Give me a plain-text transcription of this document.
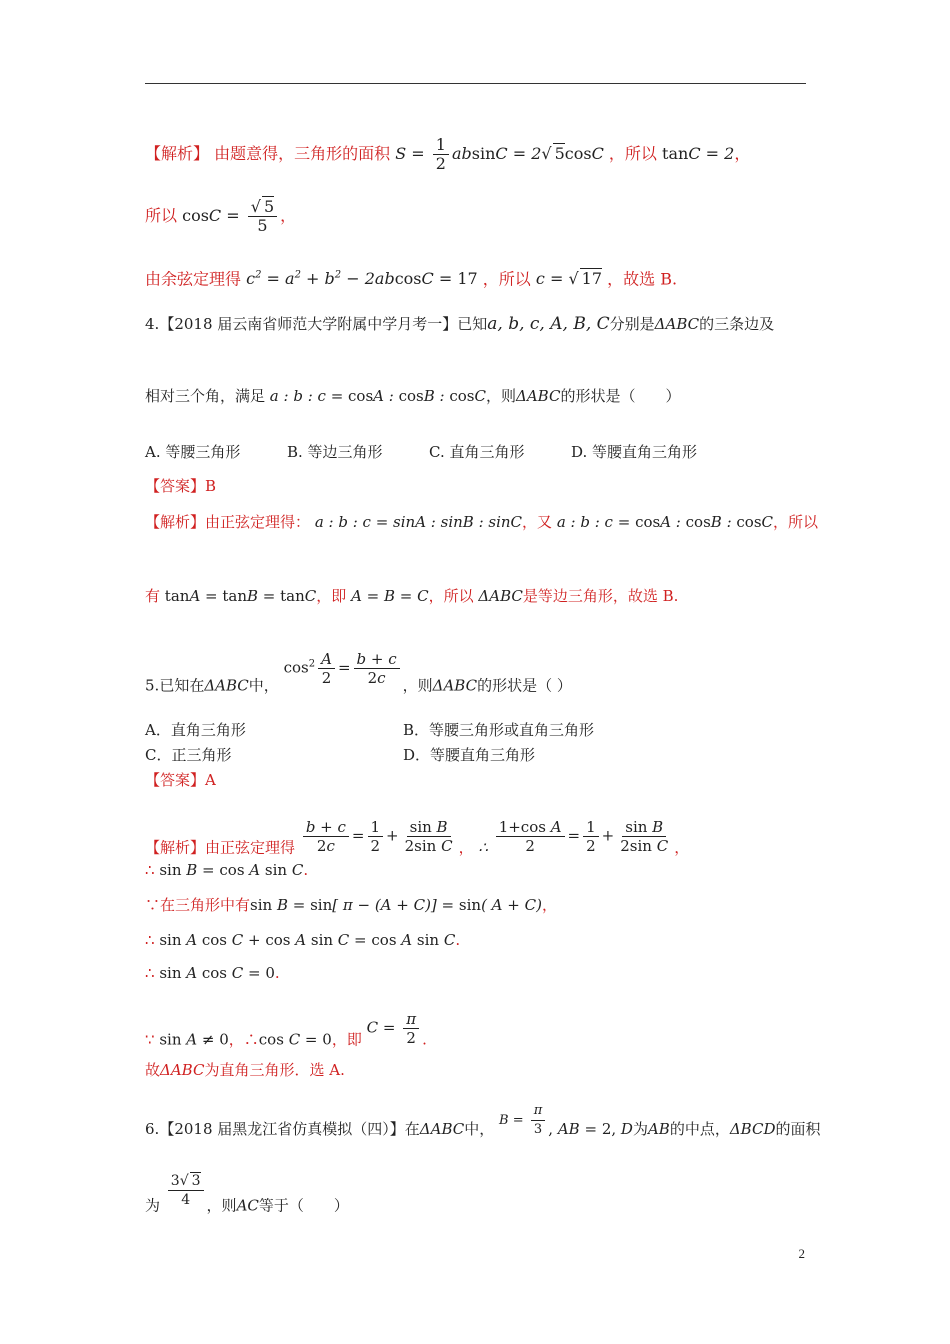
【解析】 由题意得，三角形的面积 $S = \frac{1}{2}$ absinC = 2√ 5cosC ，所以 tanC = 2，
所以 $\cos C = \frac{√ 5}{5}$ ，
由余弦定理得 $c^2 = a^2 + b^2 - 2abcosC = 17$ ，所以 c = √ 17 ，故选 B.
4.【2018 届云南省师范大学附属中学月考一】已知a, b, c, A, B, C分别是ΔABC的三条边及
相对三个角，满足 a : b : c = cosA : cosB : cosC，则ΔABC的形状是（　　）
A. 等腰三角形	B. 等边三角形	C. 直角三角形	D. 等腰直角三角形
【答案】B
【解析】由正弦定理得： a : b : c = sinA : sinB : sinC，又 a : b : c = cosA : cosB : cosC，所以
有 tanA = tanB = tanC，即 A = B = C，所以 ΔABC是等边三角形，故选 B.
5.已知在ΔABC中， $\cos^2 \frac{A}{2} = \frac{b + c}{2c}$ ，则ΔABC的形状是（ ）
A．直角三角形	B．等腰三角形或直角三角形
C．正三角形	D．等腰直角三角形
【答案】A
【解析】由正弦定理得 $\frac{b + c}{2c} = \frac{1}{2} + \frac{\text{sin B}}{\text{2sin C}}$ ， ∴ $\frac{\text{1+cos A}}{2} = \frac{1}{2} + \frac{\text{sin B}}{\text{2sin C}}$ ，
∴ sin B = cos A sin C.
∵在三角形中有sin B = sin[ π − (A + C)] = sin( A + C)，
∴ sin A cos C + cos A sin C = cos A sin C.
∴ sin A cos C = 0.
∵ sin A ≠ 0，∴cos C = 0，即 $C = \frac{\pi}{2}$ .
故ΔABC为直角三角形．选 A.
6.【2018 届黑龙江省仿真模拟（四）】在ΔABC中， $B = \frac{\pi}{3}$ , AB = 2, D为AB的中点，ΔBCD的面积
为 $\frac{3√ 3}{4}$ ，则AC等于（　　）
2
